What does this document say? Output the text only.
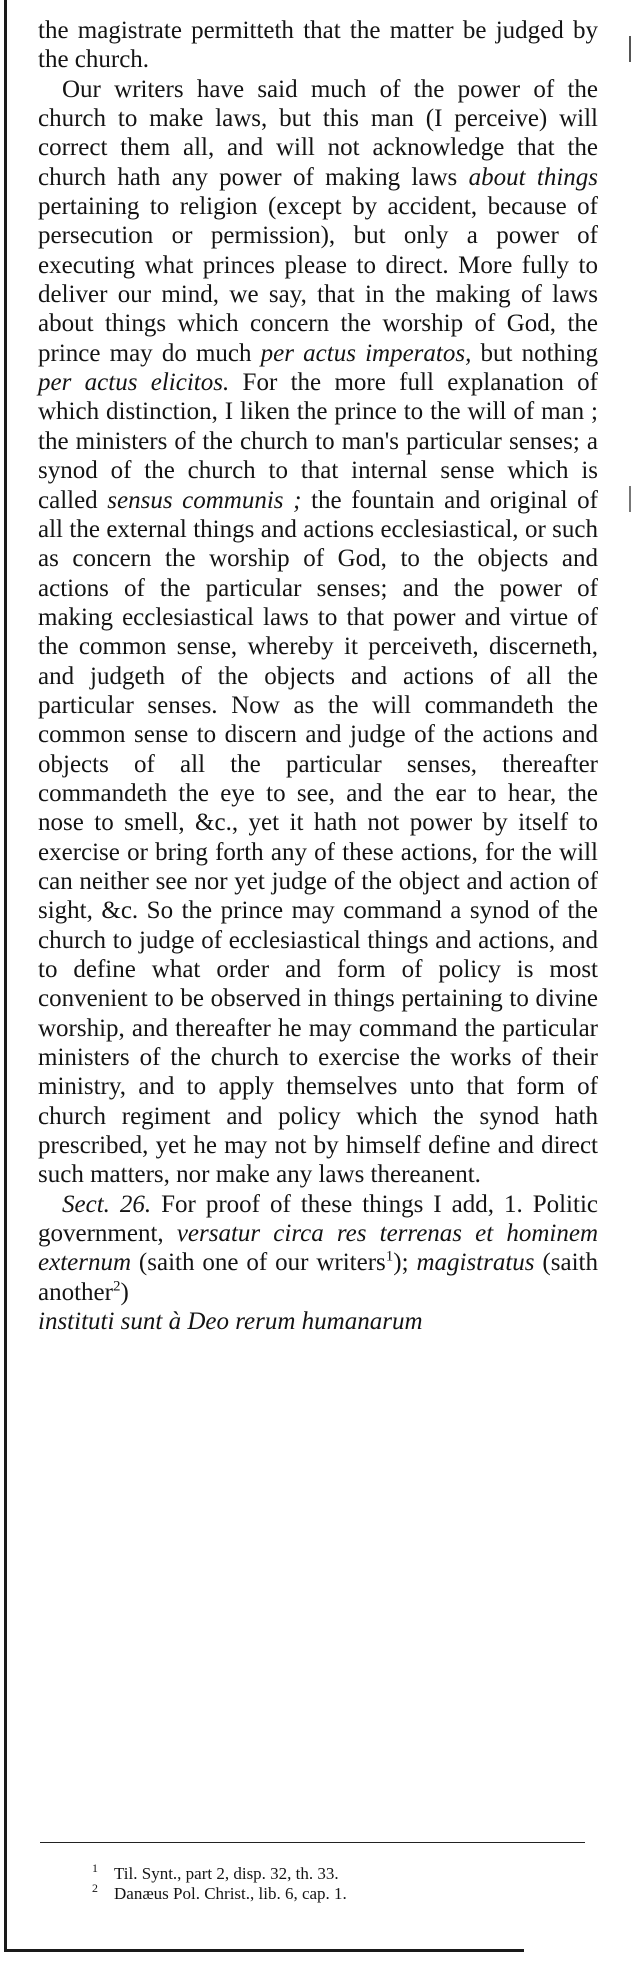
the magistrate permitteth that the matter be judged by the church.

Our writers have said much of the power of the church to make laws, but this man (I perceive) will correct them all, and will not acknowledge that the church hath any power of making laws about things pertaining to religion (except by accident, because of persecution or permission), but only a power of executing what princes please to direct. More fully to deliver our mind, we say, that in the making of laws about things which concern the worship of God, the prince may do much per actus imperatos, but nothing per actus elicitos. For the more full explanation of which distinction, I liken the prince to the will of man ; the ministers of the church to man's particular senses; a synod of the church to that internal sense which is called sensus communis ; the fountain and original of all the external things and actions ecclesiastical, or such as concern the worship of God, to the objects and actions of the particular senses; and the power of making ecclesiastical laws to that power and virtue of the common sense, whereby it perceiveth, discerneth, and judgeth of the objects and actions of all the particular senses. Now as the will commandeth the common sense to discern and judge of the actions and objects of all the particular senses, thereafter commandeth the eye to see, and the ear to hear, the nose to smell, &c., yet it hath not power by itself to exercise or bring forth any of these actions, for the will can neither see nor yet judge of the object and action of sight, &c. So the prince may command a synod of the church to judge of ecclesiastical things and actions, and to define what order and form of policy is most convenient to be observed in things pertaining to divine worship, and thereafter he may command the particular ministers of the church to exercise the works of their ministry, and to apply themselves unto that form of church regiment and policy which the synod hath prescribed, yet he may not by himself define and direct such matters, nor make any laws thereanent.

Sect. 26. For proof of these things I add, 1. Politic government, versatur circa res terrenas et hominem externum (saith one of our writers$^1$); magistratus (saith another$^2$)
instituti sunt à Deo rerum humanarum

1 Til. Synt., part 2, disp. 32, th. 33.
2 Danæus Pol. Christ., lib. 6, cap. 1.
